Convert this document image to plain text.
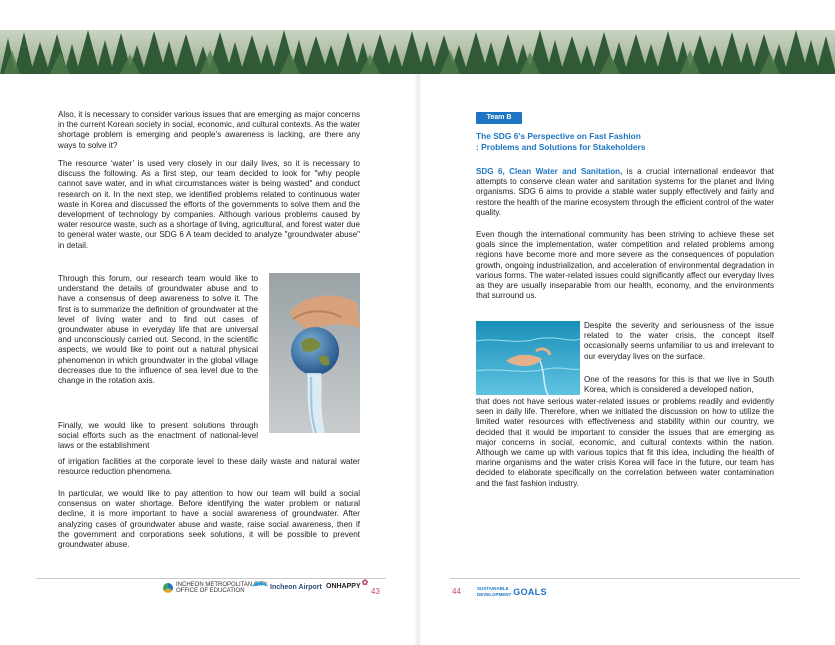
Also, it is necessary to consider various issues that are emerging as major concerns in the current Korean society in social, economic, and cultural contexts. As the water shortage problem is emerging and people's awareness is lacking, are there any ways to solve it?

The resource ‘water’ is used very closely in our daily lives, so it is necessary to discuss the following. As a first step, our team decided to look for "why people cannot save water, and in what circumstances water is being wasted" and conduct research on it. In the next step, we identified problems related to continuous water waste in Korea and discussed the efforts of the governments to solve them and the development of technology by companies. Although various problems caused by water resource waste, such as a shortage of living, agricultural, and forest water due to general water waste, our SDG 6 A team decided to analyze "groundwater abuse" in detail.

Through this forum, our research team would like to understand the details of groundwater abuse and to have a consensus of deep awareness to solve it. The first is to summarize the definition of groundwater at the level of living water and to find out cases of groundwater abuse in everyday life that are universal and unconsciously carried out. Second, in the scientific aspects, we would like to point out a natural physical phenomenon in which groundwater in the global village decreases due to the influence of sea level due to the change in the rotation axis.

Finally, we would like to present solutions through social efforts such as the enactment of national-level laws or the establishment

of irrigation facilities at the corporate level to these daily waste and natural water resource reduction phenomena.

In particular, we would like to pay attention to how our team will build a social consensus on water shortage. Before identifying the water problem or natural decline, it is more important to have a social awareness of groundwater. After analyzing cases of groundwater abuse and waste, raise social awareness, then if the government and corporations seek solutions, it will be possible to prevent groundwater abuse.

Team B
The SDG 6's Perspective on Fast Fashion
: Problems and Solutions for Stakeholders

SDG 6, Clean Water and Sanitation, is a crucial international endeavor that attempts to conserve clean water and sanitation systems for the planet and living organisms. SDG 6 aims to provide a stable water supply effectively and fairly and restore the health of the marine ecosystem through the efficient control of the water quality.

Even though the international community has been striving to achieve these set goals since the implementation, water competition and related problems among regions have become more and more severe as the consequences of population growth, ongoing industrialization, and acceleration of environmental degradation in various forms. The water-related issues could significantly affect our everyday lives as they are usually inseparable from our health, economy, and the environments that surround us.

Despite the severity and seriousness of the issue related to the water crisis, the concept itself occasionally seems unfamiliar to us and irrelevant to our everyday lives on the surface.

One of the reasons for this is that we live in South Korea, which is considered a developed nation,

that does not have serious water-related issues or problems readily and evidently seen in daily life. Therefore, when we initiated the discussion on how to utilize the limited water resources with effectiveness and stability within our country, we decided that it would be important to consider the issues that are emerging as major concerns in social, economic, and cultural contexts within the nation. Although we came up with various topics that fit this idea, including the health of marine organisms and the water crisis Korea will face in the future, our team has decided to elaborate specifically on the correlation between water contamination and the fast fashion industry.

INCHEON METROPOLITAN CITY
OFFICE OF EDUCATION	Incheon Airport ONHAPPY ✿
43	44	SUSTAINABLE
DEVELOPMENT GOALS
